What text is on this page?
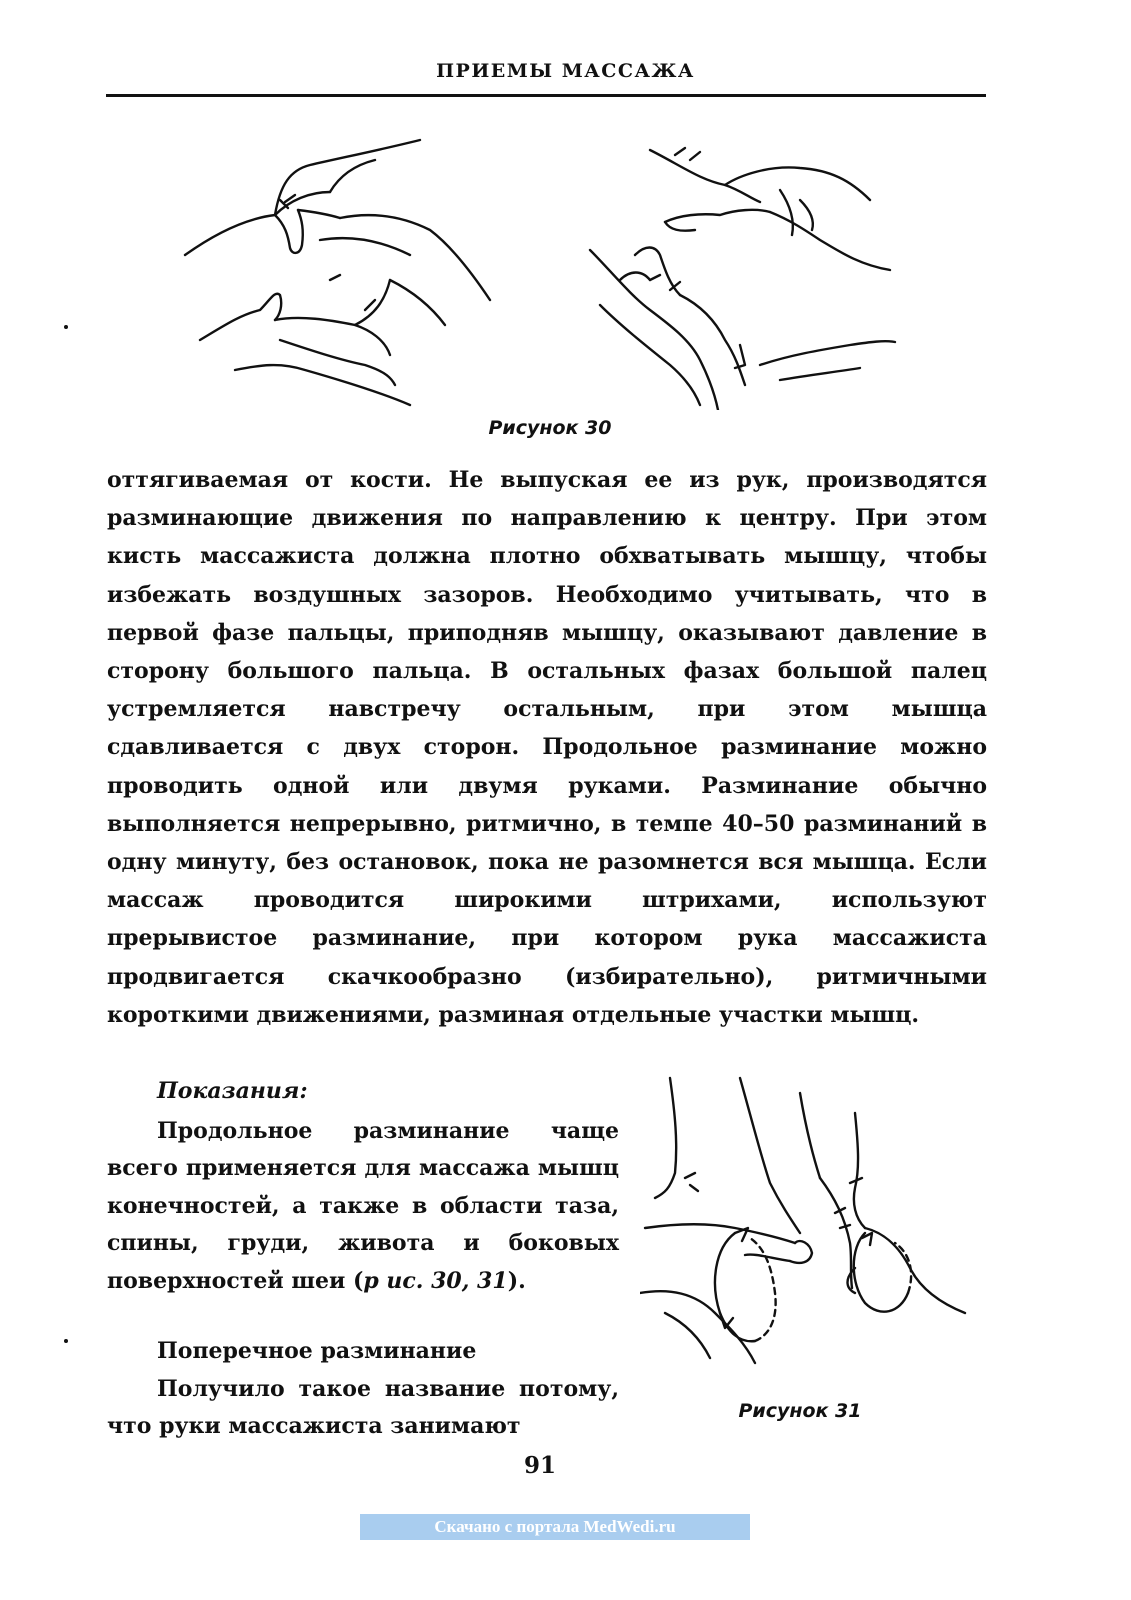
ПРИЕМЫ МАССАЖА
Рисунок 30

оттягиваемая от кости. Не выпуская ее из рук, производятся разминающие движения по направлению к центру. При этом кисть массажиста должна плотно обхватывать мышцу, чтобы избежать воздушных зазоров. Необходимо учитывать, что в первой фазе пальцы, приподняв мышцу, оказывают давление в сторону большого пальца. В остальных фазах большой палец устремляется навстречу остальным, при этом мышца сдавливается с двух сторон. Продольное разминание можно проводить одной или двумя руками. Разминание обычно выполняется непрерывно, ритмично, в темпе 40–50 разминаний в одну минуту, без остановок, пока не разомнется вся мышца. Если массаж проводится широкими штрихами, используют прерывистое разминание, при котором рука массажиста продвигается скачкообразно (избирательно), ритмичными короткими движениями, разминая отдельные участки мышц.

Показания:

Продольное разминание чаще всего применяется для массажа мышц конечностей, а также в области таза, спины, груди, живота и боковых поверхностей шеи (р ис. 30, 31).

Поперечное разминание

Получило такое название потому, что руки массажиста занимают

Рисунок 31
91
Скачано с портала MedWedi.ru
